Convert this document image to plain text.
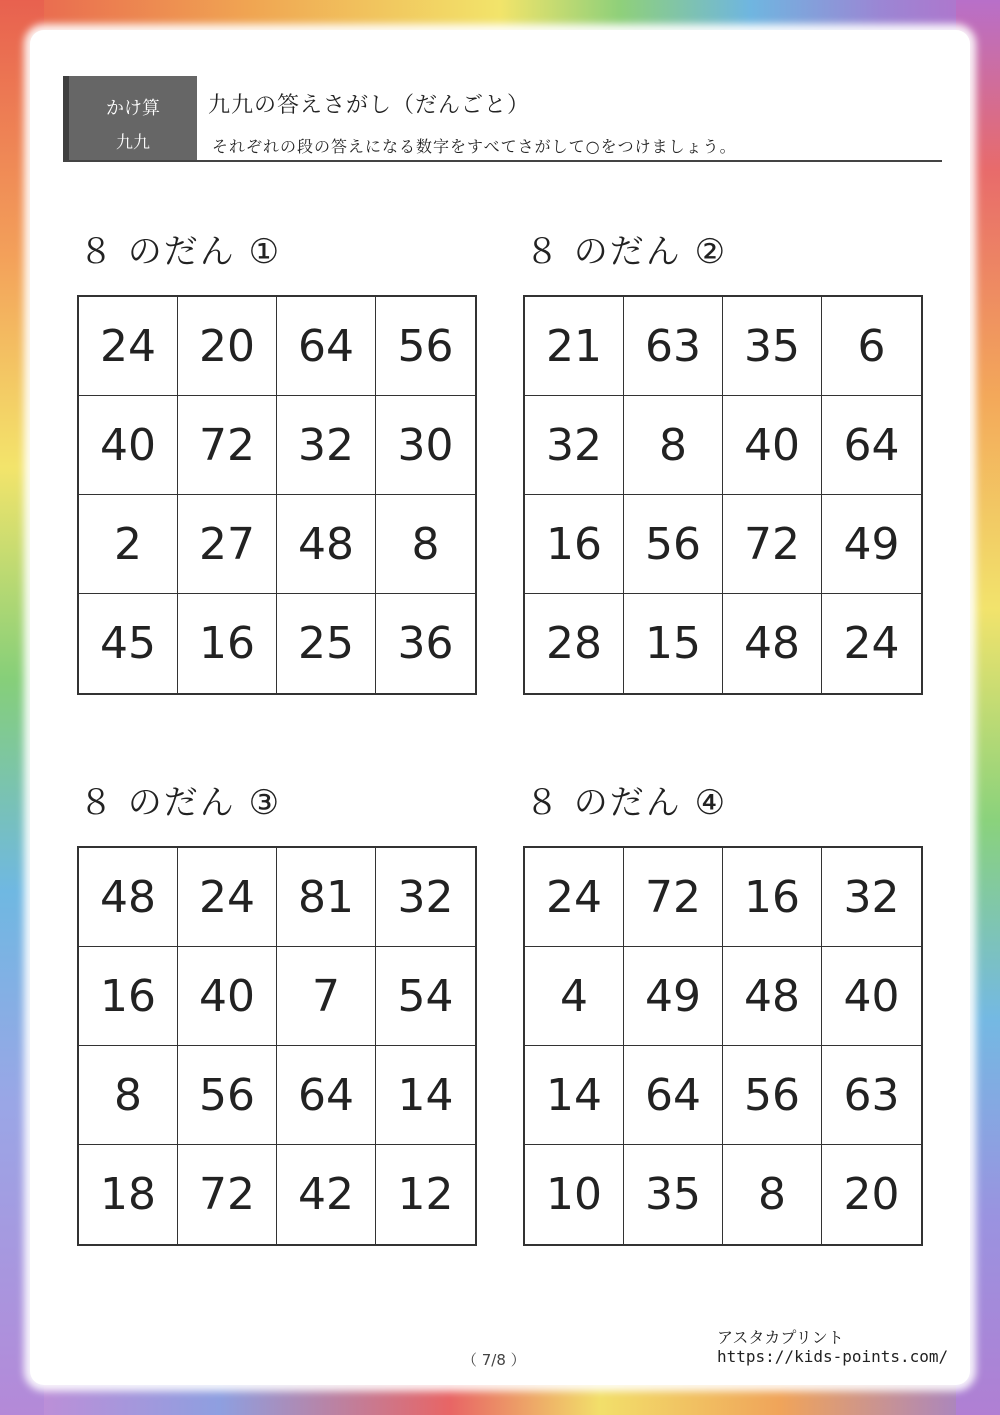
かけ算
九九
九九の答えさがし（だんごと）
それぞれの段の答えになる数字をすべてさがして○をつけましょう。
８ のだん ①
24 20 64 56
40 72 32 30
2	27 48	8
45 16 25 36
８ のだん ②
21 63 35	6
32	8	40 64
16 56 72 49
28 15 48 24
８ のだん ③
48 24 81 32
16 40	7	54
8	56 64 14
18 72 42 12
８ のだん ④
24 72 16 32
4	49 48 40
14 64 56 63
10 35	8	20
（ 7/8 ）
アスタカプリント
https://kids-points.com/
